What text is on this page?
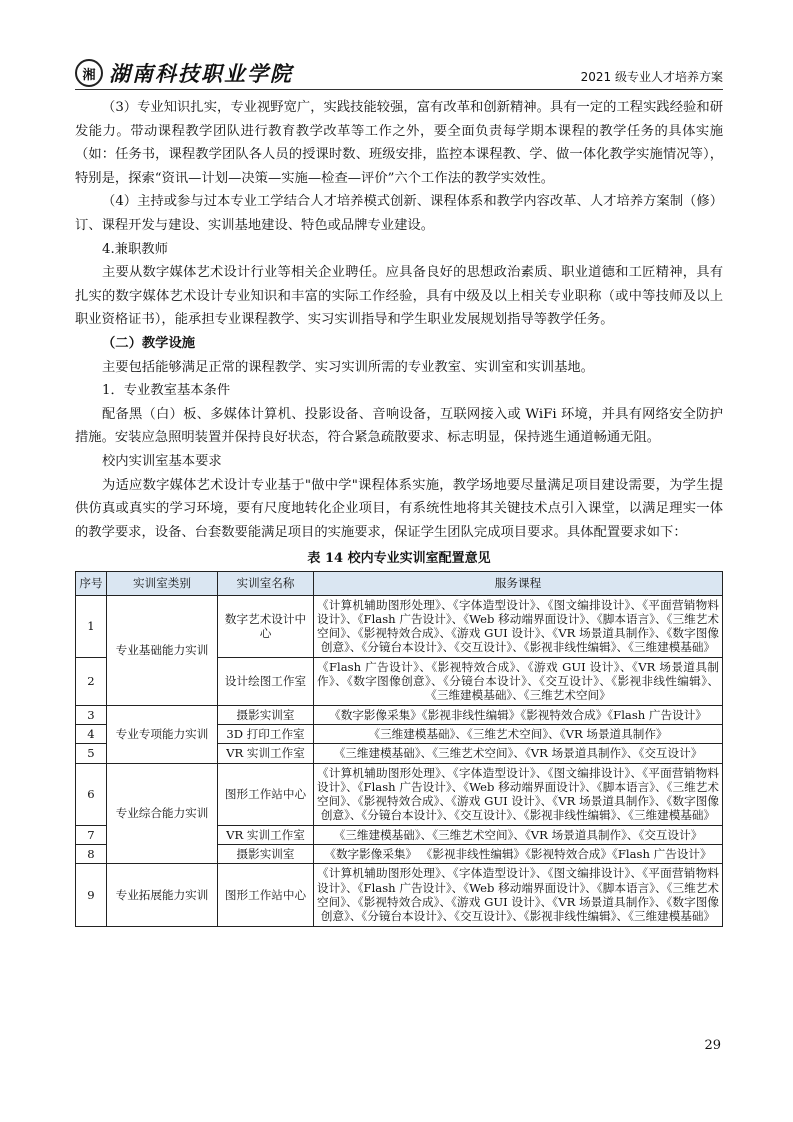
湘 湖南科技职业学院	2021 级专业人才培养方案

（3）专业知识扎实，专业视野宽广，实践技能较强，富有改革和创新精神。具有一定的工程实践经验和研发能力。带动课程教学团队进行教育教学改革等工作之外，要全面负责每学期本课程的教学任务的具体实施（如：任务书，课程教学团队各人员的授课时数、班级安排，监控本课程教、学、做一体化教学实施情况等），特别是，探索“资讯—计划—决策—实施—检查—评价”六个工作法的教学实效性。

（4）主持或参与过本专业工学结合人才培养模式创新、课程体系和教学内容改革、人才培养方案制（修）订、课程开发与建设、实训基地建设、特色或品牌专业建设。

4.兼职教师

主要从数字媒体艺术设计行业等相关企业聘任。应具备良好的思想政治素质、职业道德和工匠精神，具有扎实的数字媒体艺术设计专业知识和丰富的实际工作经验，具有中级及以上相关专业职称（或中等技师及以上职业资格证书），能承担专业课程教学、实习实训指导和学生职业发展规划指导等教学任务。

（二）教学设施

主要包括能够满足正常的课程教学、实习实训所需的专业教室、实训室和实训基地。

1．专业教室基本条件

配备黑（白）板、多媒体计算机、投影设备、音响设备，互联网接入或 WiFi 环境，并具有网络安全防护措施。安装应急照明装置并保持良好状态，符合紧急疏散要求、标志明显，保持逃生通道畅通无阻。

校内实训室基本要求

为适应数字媒体艺术设计专业基于"做中学"课程体系实施，教学场地要尽量满足项目建设需要，为学生提供仿真或真实的学习环境，要有尺度地转化企业项目，有系统性地将其关键技术点引入课堂，以满足理实一体的教学要求，设备、台套数要能满足项目的实施要求，保证学生团队完成项目要求。具体配置要求如下：

表 14 校内专业实训室配置意见
序号	实训室类别	实训室名称	服务课程
1	专业基础能力实训	数字艺术设计中心	《计算机辅助图形处理》、《字体造型设计》、《图文编排设计》、《平面营销物料设计》、《Flash 广告设计》、《Web 移动端界面设计》、《脚本语言》、《三维艺术空间》、《影视特效合成》、《游戏 GUI 设计》、《VR 场景道具制作》、《数字图像创意》、《分镜台本设计》、《交互设计》、《影视非线性编辑》、《三维建模基础》
2		设计绘图工作室	《Flash 广告设计》、《影视特效合成》、《游戏 GUI 设计》、《VR 场景道具制作》、《数字图像创意》、《分镜台本设计》、《交互设计》、《影视非线性编辑》、《三维建模基础》、《三维艺术空间》
3	专业专项能力实训	摄影实训室	《数字影像采集》《影视非线性编辑》《影视特效合成》《Flash 广告设计》
4		3D 打印工作室	《三维建模基础》、《三维艺术空间》、《VR 场景道具制作》
5		VR 实训工作室	《三维建模基础》、《三维艺术空间》、《VR 场景道具制作》、《交互设计》
6	专业综合能力实训	图形工作站中心	《计算机辅助图形处理》、《字体造型设计》、《图文编排设计》、《平面营销物料设计》、《Flash 广告设计》、《Web 移动端界面设计》、《脚本语言》、《三维艺术空间》、《影视特效合成》、《游戏 GUI 设计》、《VR 场景道具制作》、《数字图像创意》、《分镜台本设计》、《交互设计》、《影视非线性编辑》、《三维建模基础》
7		VR 实训工作室	《三维建模基础》、《三维艺术空间》、《VR 场景道具制作》、《交互设计》
8		摄影实训室	《数字影像采集》 《影视非线性编辑》《影视特效合成》《Flash 广告设计》
9	专业拓展能力实训	图形工作站中心	《计算机辅助图形处理》、《字体造型设计》、《图文编排设计》、《平面营销物料设计》、《Flash 广告设计》、《Web 移动端界面设计》、《脚本语言》、《三维艺术空间》、《影视特效合成》、《游戏 GUI 设计》、《VR 场景道具制作》、《数字图像创意》、《分镜台本设计》、《交互设计》、《影视非线性编辑》、《三维建模基础》
29
